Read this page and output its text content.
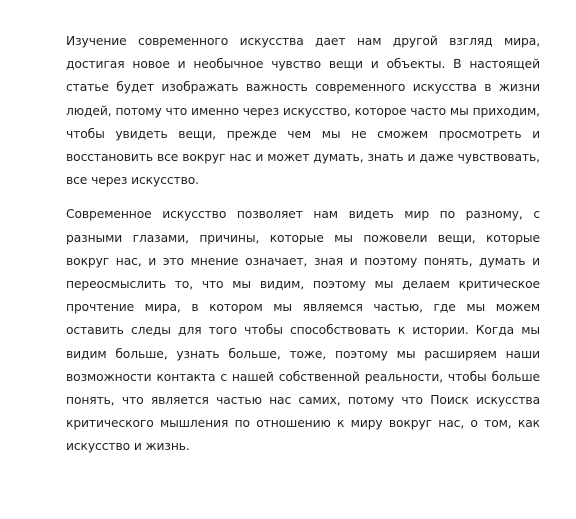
Изучение современного искусства дает нам другой взгляд мира, достигая новое и необычное чувство вещи и объекты. В настоящей статье будет изображать важность современного искусства в жизни людей, потому что именно через искусство, которое часто мы приходим, чтобы увидеть вещи, прежде чем мы не сможем просмотреть и восстановить все вокруг нас и может думать, знать и даже чувствовать, все через искусство.

Современное искусство позволяет нам видеть мир по разному, с разными глазами, причины, которые мы пожовели вещи, которые вокруг нас, и это мнение означает, зная и поэтому понять, думать и переосмыслить то, что мы видим, поэтому мы делаем критическое прочтение мира, в котором мы являемся частью, где мы можем оставить следы для того чтобы способствовать к истории. Когда мы видим больше, узнать больше, тоже, поэтому мы расширяем наши возможности контакта с нашей собственной реальности, чтобы больше понять, что является частью нас самих, потому что Поиск искусства критического мышления по отношению к миру вокруг нас, о том, как искусство и жизнь.
